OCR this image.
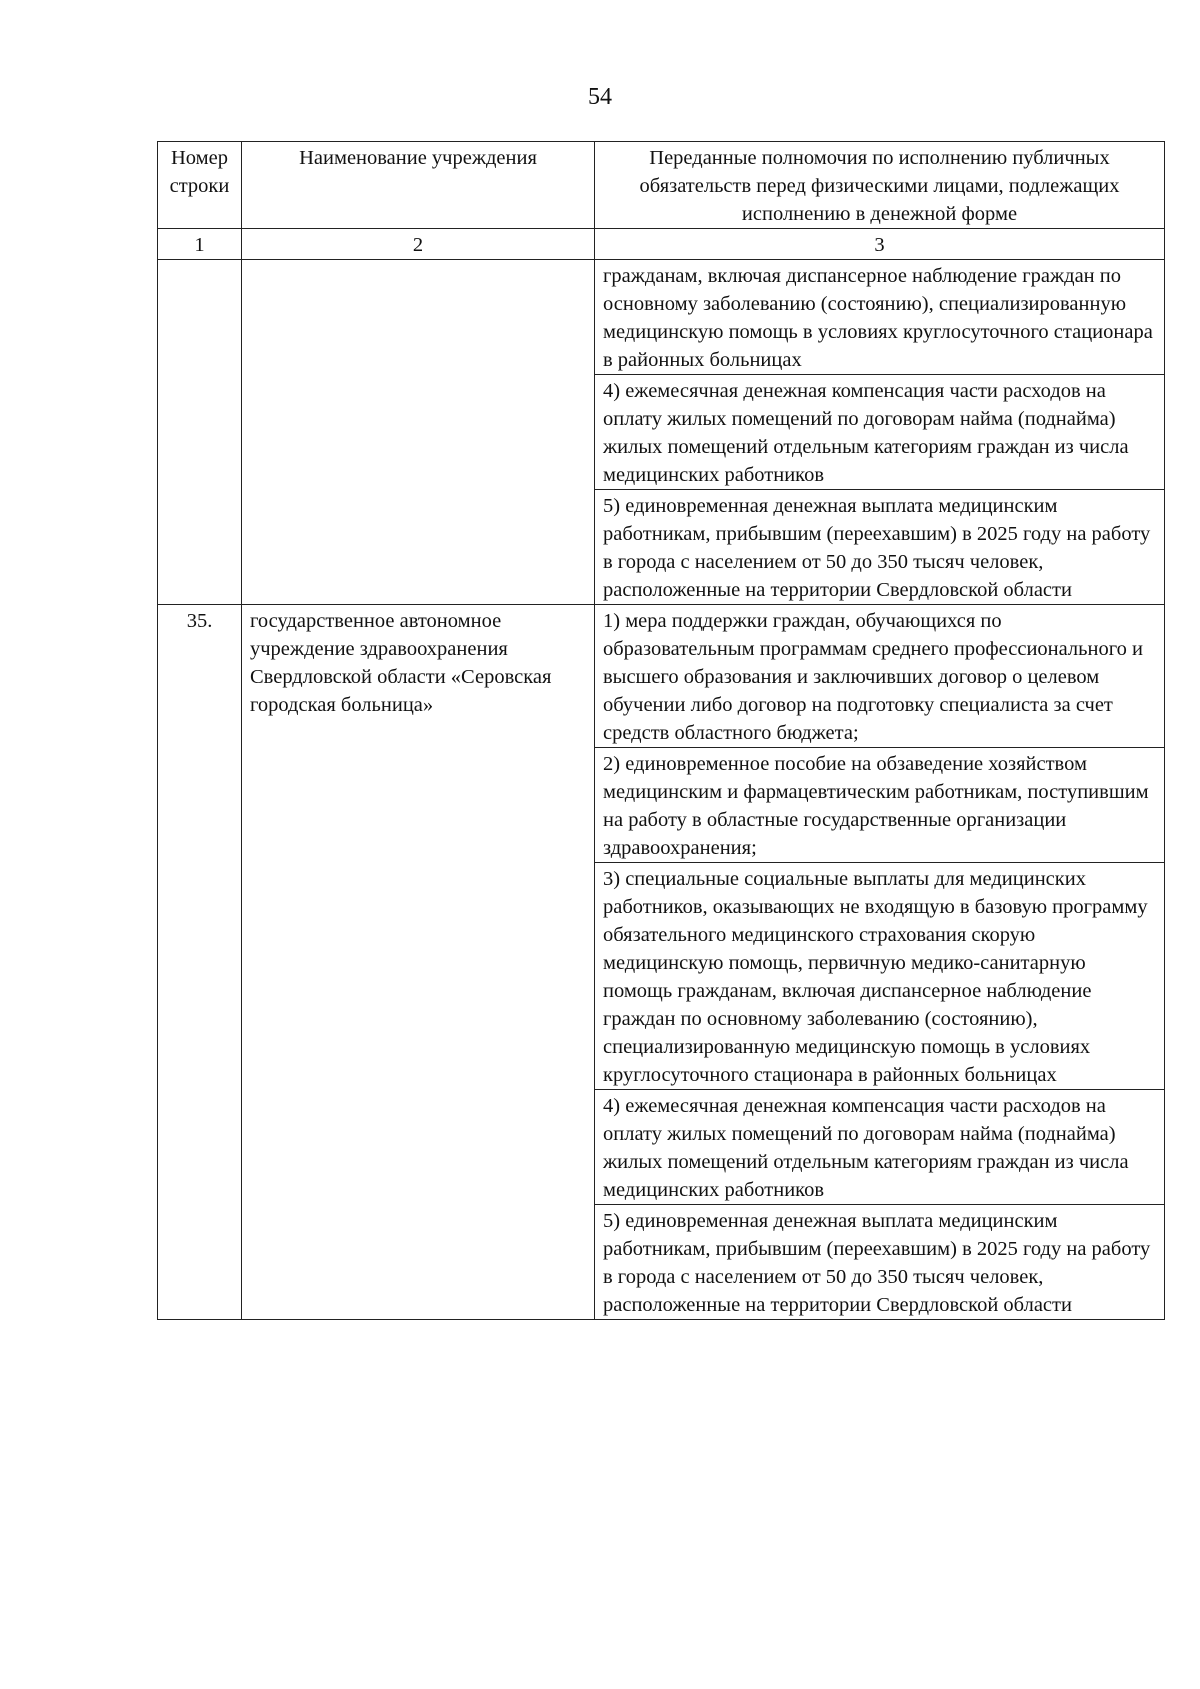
54
Номер строки	Наименование учреждения	Переданные полномочия по исполнению публичных обязательств перед физическими лицами, подлежащих исполнению в денежной форме
1	2	3
		гражданам, включая диспансерное наблюдение граждан по основному заболеванию (состоянию), специализированную медицинскую помощь в условиях круглосуточного стационара в районных больницах
		4) ежемесячная денежная компенсация части расходов на оплату жилых помещений по договорам найма (поднайма) жилых помещений отдельным категориям граждан из числа медицинских работников
		5) единовременная денежная выплата медицинским работникам, прибывшим (переехавшим) в 2025 году на работу в города с населением от 50 до 350 тысяч человек, расположенные на территории Свердловской области
35.	государственное автономное учреждение здравоохранения Свердловской области «Серовская городская больница»	1) мера поддержки граждан, обучающихся по образовательным программам среднего профессионального и высшего образования и заключивших договор о целевом обучении либо договор на подготовку специалиста за счет средств областного бюджета;
		2) единовременное пособие на обзаведение хозяйством медицинским и фармацевтическим работникам, поступившим на работу в областные государственные организации здравоохранения;
		3) специальные социальные выплаты для медицинских работников, оказывающих не входящую в базовую программу обязательного медицинского страхования скорую медицинскую помощь, первичную медико-санитарную помощь гражданам, включая диспансерное наблюдение граждан по основному заболеванию (состоянию), специализированную медицинскую помощь в условиях круглосуточного стационара в районных больницах
		4) ежемесячная денежная компенсация части расходов на оплату жилых помещений по договорам найма (поднайма) жилых помещений отдельным категориям граждан из числа медицинских работников
		5) единовременная денежная выплата медицинским работникам, прибывшим (переехавшим) в 2025 году на работу в города с населением от 50 до 350 тысяч человек, расположенные на территории Свердловской области
